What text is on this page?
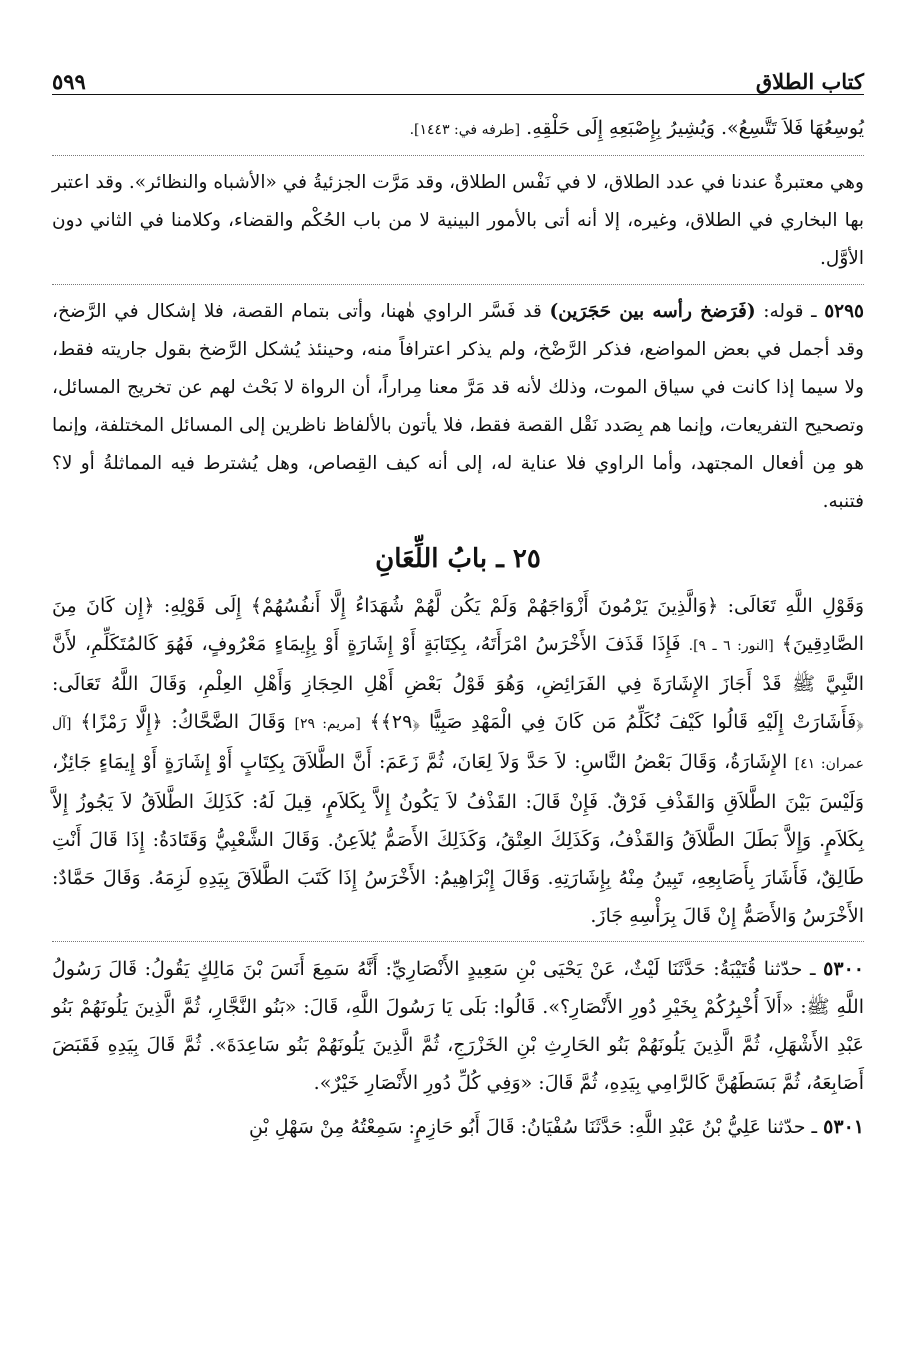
كتاب الطلاق
٥٩٩

يُوسِعُهَا فَلاَ تَتَّسِعُ». وَيُشِيرُ بِإِصْبَعِهِ إِلَى حَلْقِهِ. [طرفه في: ١٤٤٣].

وهي معتبرةٌ عندنا في عدد الطلاق، لا في نَفْس الطلاق، وقد مَرَّت الجزئيةُ في «الأشباه والنظائر». وقد اعتبر بها البخاري في الطلاق، وغيره، إلا أنه أتى بالأمور البينية لا من باب الحُكْم والقضاء، وكلامنا في الثاني دون الأوَّل.

٥٢٩٥ ـ قوله: (فَرَضخ رأسه بين حَجَرَين) قد فَسَّر الراوي هٰهنا، وأتى بتمام القصة، فلا إشكال في الرَّضخ، وقد أجمل في بعض المواضع، فذكر الرَّضْخ، ولم يذكر اعترافاً منه، وحينئذ يُشكل الرَّضخ بقول جاريته فقط، ولا سيما إذا كانت في سياق الموت، وذلك لأنه قد مَرَّ معنا مِراراً، أن الرواة لا بَحْث لهم عن تخريج المسائل، وتصحيح التفريعات، وإنما هم بِصَدد نَقْل القصة فقط، فلا يأتون بالألفاظ ناظرين إلى المسائل المختلفة، وإنما هو مِن أفعال المجتهد، وأما الراوي فلا عناية له، إلى أنه كيف القِصاص، وهل يُشترط فيه المماثلةُ أو لا؟ فتنبه.

٢٥ ـ بابُ اللِّعَانِ

وَقَوْلِ اللَّهِ تَعَالَى: ﴿وَالَّذِينَ يَرْمُونَ أَزْوَاجَهُمْ وَلَمْ يَكُن لَّهُمْ شُهَدَاءُ إِلَّا أَنفُسُهُمْ﴾ إِلَى قَوْلِهِ: ﴿إِن كَانَ مِنَ الصَّادِقِينَ﴾ [النور: ٦ ـ ٩]. فَإِذَا قَذَفَ الأَخْرَسُ امْرَأَتَهُ، بِكِتَابَةٍ أَوْ إِشَارَةٍ أَوْ بِإِيمَاءٍ مَعْرُوفٍ، فَهُوَ كَالمُتَكَلِّمِ، لأَنَّ النَّبِيَّ ﷺ قَدْ أَجَازَ الإِشَارَةَ فِي الفَرَائِضِ، وَهُوَ قَوْلُ بَعْضِ أَهْلِ الحِجَازِ وَأَهْلِ العِلْمِ، وَقَالَ اللَّهُ تَعَالَى: ﴿فَأَشَارَتْ إِلَيْهِ قَالُوا كَيْفَ نُكَلِّمُ مَن كَانَ فِي الْمَهْدِ صَبِيًّا ﴿٢٩﴾﴾ [مريم: ٢٩] وَقَالَ الضَّحَّاكُ: ﴿إِلَّا رَمْزًا﴾ [آل عمران: ٤١] الإِشَارَةُ، وَقَالَ بَعْضُ النَّاسِ: لاَ حَدَّ وَلاَ لِعَانَ، ثُمَّ زَعَمَ: أَنَّ الطَّلاَقَ بِكِتَابٍ أَوْ إِشَارَةٍ أَوْ إِيمَاءٍ جَائِزٌ، وَلَيْسَ بَيْنَ الطَّلاَقِ وَالقَذْفِ فَرْقٌ. فَإِنْ قَالَ: القَذْفُ لاَ يَكُونُ إِلاَّ بِكَلاَمٍ، قِيلَ لَهُ: كَذَلِكَ الطَّلاَقُ لاَ يَجُوزُ إِلاَّ بِكَلاَمٍ. وَإِلاَّ بَطَلَ الطَّلاَقُ وَالقَذْفُ، وَكَذَلِكَ العِتْقُ، وَكَذَلِكَ الأَصَمُّ يُلاَعِنُ. وَقَالَ الشَّعْبِيُّ وَقَتَادَةُ: إِذَا قَالَ أَنْتِ طَالِقٌ، فَأَشَارَ بِأَصَابِعِهِ، تَبِينُ مِنْهُ بِإِشَارَتِهِ. وَقَالَ إِبْرَاهِيمُ: الأَخْرَسُ إِذَا كَتَبَ الطَّلاَقَ بِيَدِهِ لَزِمَهُ. وَقَالَ حَمَّادٌ: الأَخْرَسُ وَالأَصَمُّ إِنْ قَالَ بِرَأْسِهِ جَازَ.

٥٣٠٠ ـ حدّثنا قُتَيْبَةُ: حَدَّثَنَا لَيْثٌ، عَنْ يَحْيَى بْنِ سَعِيدٍ الأَنْصَارِيِّ: أَنَّهُ سَمِعَ أَنَسَ بْنَ مَالِكٍ يَقُولُ: قَالَ رَسُولُ اللَّهِ ﷺ: «أَلاَ أُخْبِرُكُمْ بِخَيْرِ دُورِ الأَنْصَارِ؟». قَالُوا: بَلَى يَا رَسُولَ اللَّهِ، قَالَ: «بَنُو النَّجَّارِ، ثُمَّ الَّذِينَ يَلُونَهُمْ بَنُو عَبْدِ الأَشْهَلِ، ثُمَّ الَّذِينَ يَلُونَهُمْ بَنُو الحَارِثِ بْنِ الخَزْرَجِ، ثُمَّ الَّذِينَ يَلُونَهُمْ بَنُو سَاعِدَةَ». ثُمَّ قَالَ بِيَدِهِ فَقَبَضَ أَصَابِعَهُ، ثُمَّ بَسَطَهُنَّ كَالرَّامِي بِيَدِهِ، ثُمَّ قَالَ: «وَفِي كُلِّ دُورِ الأَنْصَارِ خَيْرٌ».

٥٣٠١ ـ حدّثنا عَلِيُّ بْنُ عَبْدِ اللَّهِ: حَدَّثَنَا سُفْيَانُ: قَالَ أَبُو حَازِمٍ: سَمِعْتُهُ مِنْ سَهْلِ بْنِ
